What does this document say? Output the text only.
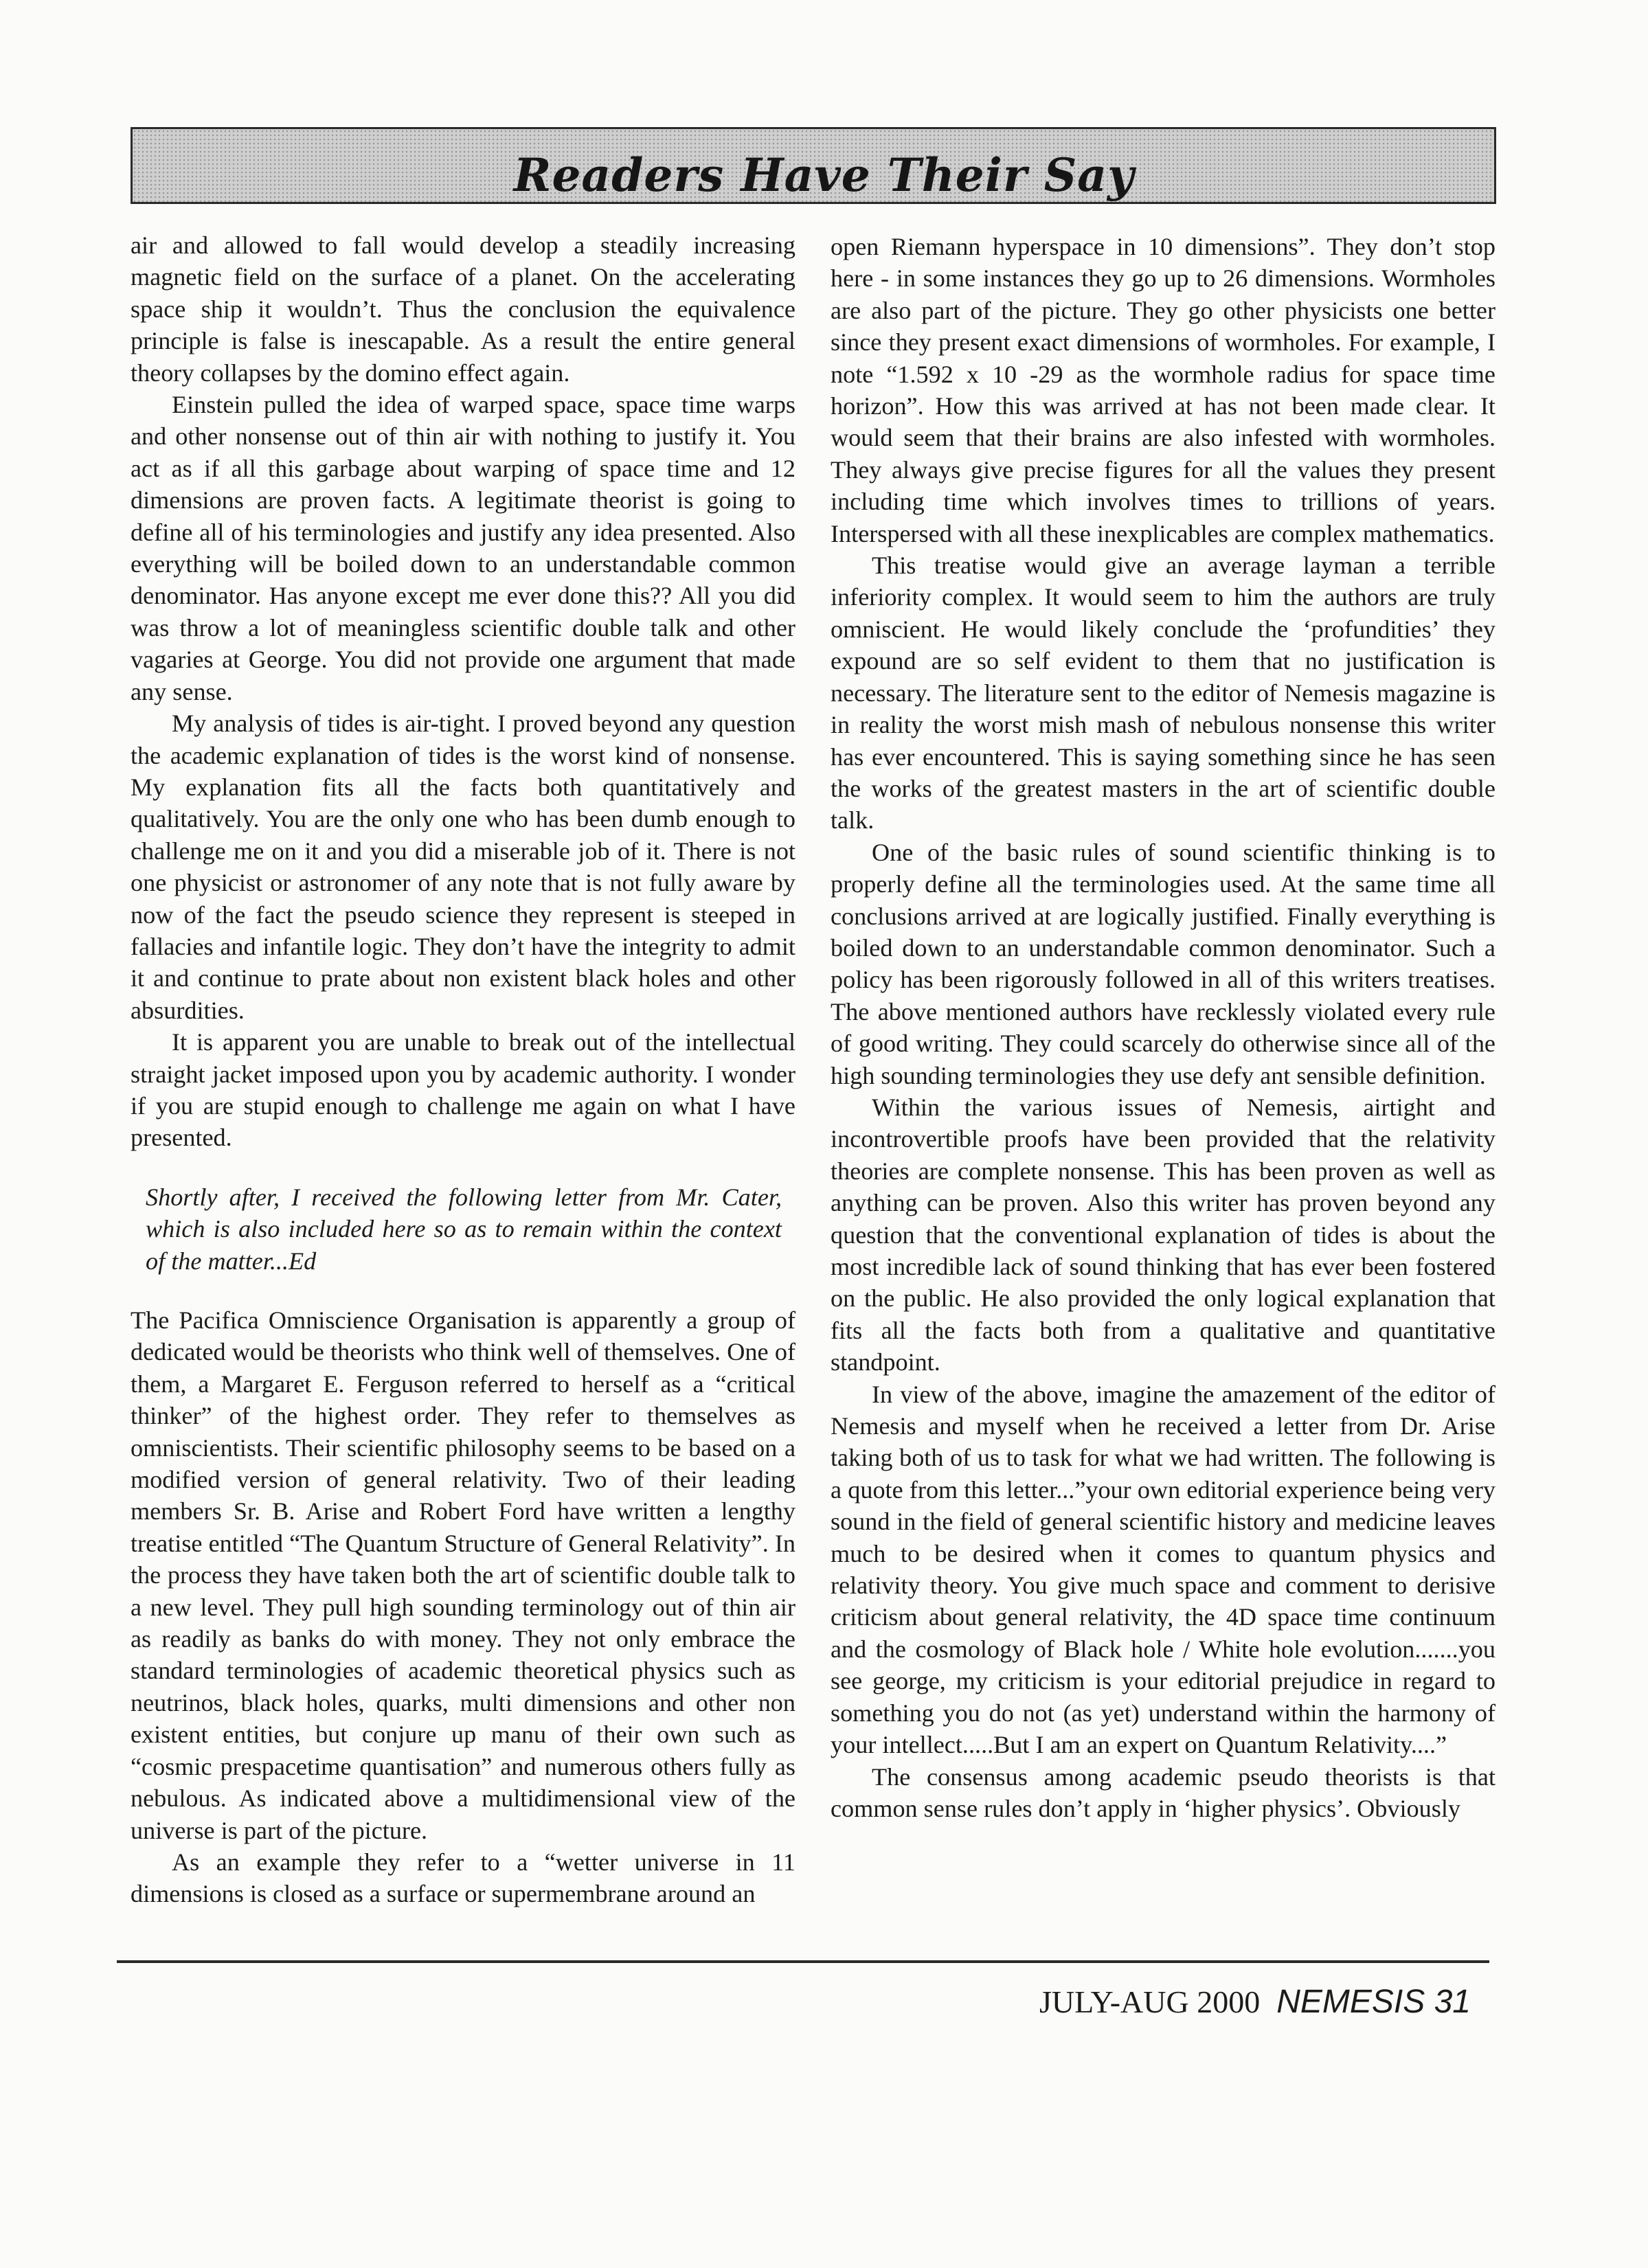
Readers Have Their Say

air and allowed to fall would develop a steadily increasing magnetic field on the surface of a planet. On the accelerating space ship it wouldn’t. Thus the conclusion the equivalence principle is false is inescapable. As a result the entire general theory collapses by the domino effect again.

Einstein pulled the idea of warped space, space time warps and other nonsense out of thin air with nothing to justify it. You act as if all this garbage about warping of space time and 12 dimensions are proven facts. A legitimate theorist is going to define all of his terminologies and justify any idea presented. Also everything will be boiled down to an understandable common denominator. Has anyone except me ever done this?? All you did was throw a lot of meaningless scientific double talk and other vagaries at George. You did not provide one argument that made any sense.

My analysis of tides is air-tight. I proved beyond any question the academic explanation of tides is the worst kind of nonsense. My explanation fits all the facts both quantitatively and qualitatively. You are the only one who has been dumb enough to challenge me on it and you did a miserable job of it. There is not one physicist or astronomer of any note that is not fully aware by now of the fact the pseudo science they represent is steeped in fallacies and infantile logic. They don’t have the integrity to admit it and continue to prate about non existent black holes and other absurdities.

It is apparent you are unable to break out of the intellectual straight jacket imposed upon you by academic authority. I wonder if you are stupid enough to challenge me again on what I have presented.

Shortly after, I received the following letter from Mr. Cater, which is also included here so as to remain within the context of the matter...Ed

The Pacifica Omniscience Organisation is apparently a group of dedicated would be theorists who think well of themselves. One of them, a Margaret E. Ferguson referred to herself as a “critical thinker” of the highest order. They refer to themselves as omniscientists. Their scientific philosophy seems to be based on a modified version of general relativity. Two of their leading members Sr. B. Arise and Robert Ford have written a lengthy treatise entitled “The Quantum Structure of General Relativity”. In the process they have taken both the art of scientific double talk to a new level. They pull high sounding terminology out of thin air as readily as banks do with money. They not only embrace the standard terminologies of academic theoretical physics such as neutrinos, black holes, quarks, multi dimensions and other non existent entities, but conjure up manu of their own such as “cosmic prespacetime quantisation” and numerous others fully as nebulous. As indicated above a multidimensional view of the universe is part of the picture.

As an example they refer to a “wetter universe in 11 dimensions is closed as a surface or supermembrane around an

open Riemann hyperspace in 10 dimensions”. They don’t stop here - in some instances they go up to 26 dimensions. Wormholes are also part of the picture. They go other physicists one better since they present exact dimensions of wormholes. For example, I note “1.592 x 10 -29 as the wormhole radius for space time horizon”. How this was arrived at has not been made clear. It would seem that their brains are also infested with wormholes. They always give precise figures for all the values they present including time which involves times to trillions of years. Interspersed with all these inexplicables are complex mathematics.

This treatise would give an average layman a terrible inferiority complex. It would seem to him the authors are truly omniscient. He would likely conclude the ‘profundities’ they expound are so self evident to them that no justification is necessary. The literature sent to the editor of Nemesis magazine is in reality the worst mish mash of nebulous nonsense this writer has ever encountered. This is saying something since he has seen the works of the greatest masters in the art of scientific double talk.

One of the basic rules of sound scientific thinking is to properly define all the terminologies used. At the same time all conclusions arrived at are logically justified. Finally everything is boiled down to an understandable common denominator. Such a policy has been rigorously followed in all of this writers treatises. The above mentioned authors have recklessly violated every rule of good writing. They could scarcely do otherwise since all of the high sounding terminologies they use defy ant sensible definition.

Within the various issues of Nemesis, airtight and incontrovertible proofs have been provided that the relativity theories are complete nonsense. This has been proven as well as anything can be proven. Also this writer has proven beyond any question that the conventional explanation of tides is about the most incredible lack of sound thinking that has ever been fostered on the public. He also provided the only logical explanation that fits all the facts both from a qualitative and quantitative standpoint.

In view of the above, imagine the amazement of the editor of Nemesis and myself when he received a letter from Dr. Arise taking both of us to task for what we had written. The following is a quote from this letter...”your own editorial experience being very sound in the field of general scientific history and medicine leaves much to be desired when it comes to quantum physics and relativity theory. You give much space and comment to derisive criticism about general relativity, the 4D space time continuum and the cosmology of Black hole / White hole evolution.......you see george, my criticism is your editorial prejudice in regard to something you do not (as yet) understand within the harmony of your intellect.....But I am an expert on Quantum Relativity....”

The consensus among academic pseudo theorists is that common sense rules don’t apply in ‘higher physics’. Obviously

JULY-AUG 2000 NEMESIS 31
